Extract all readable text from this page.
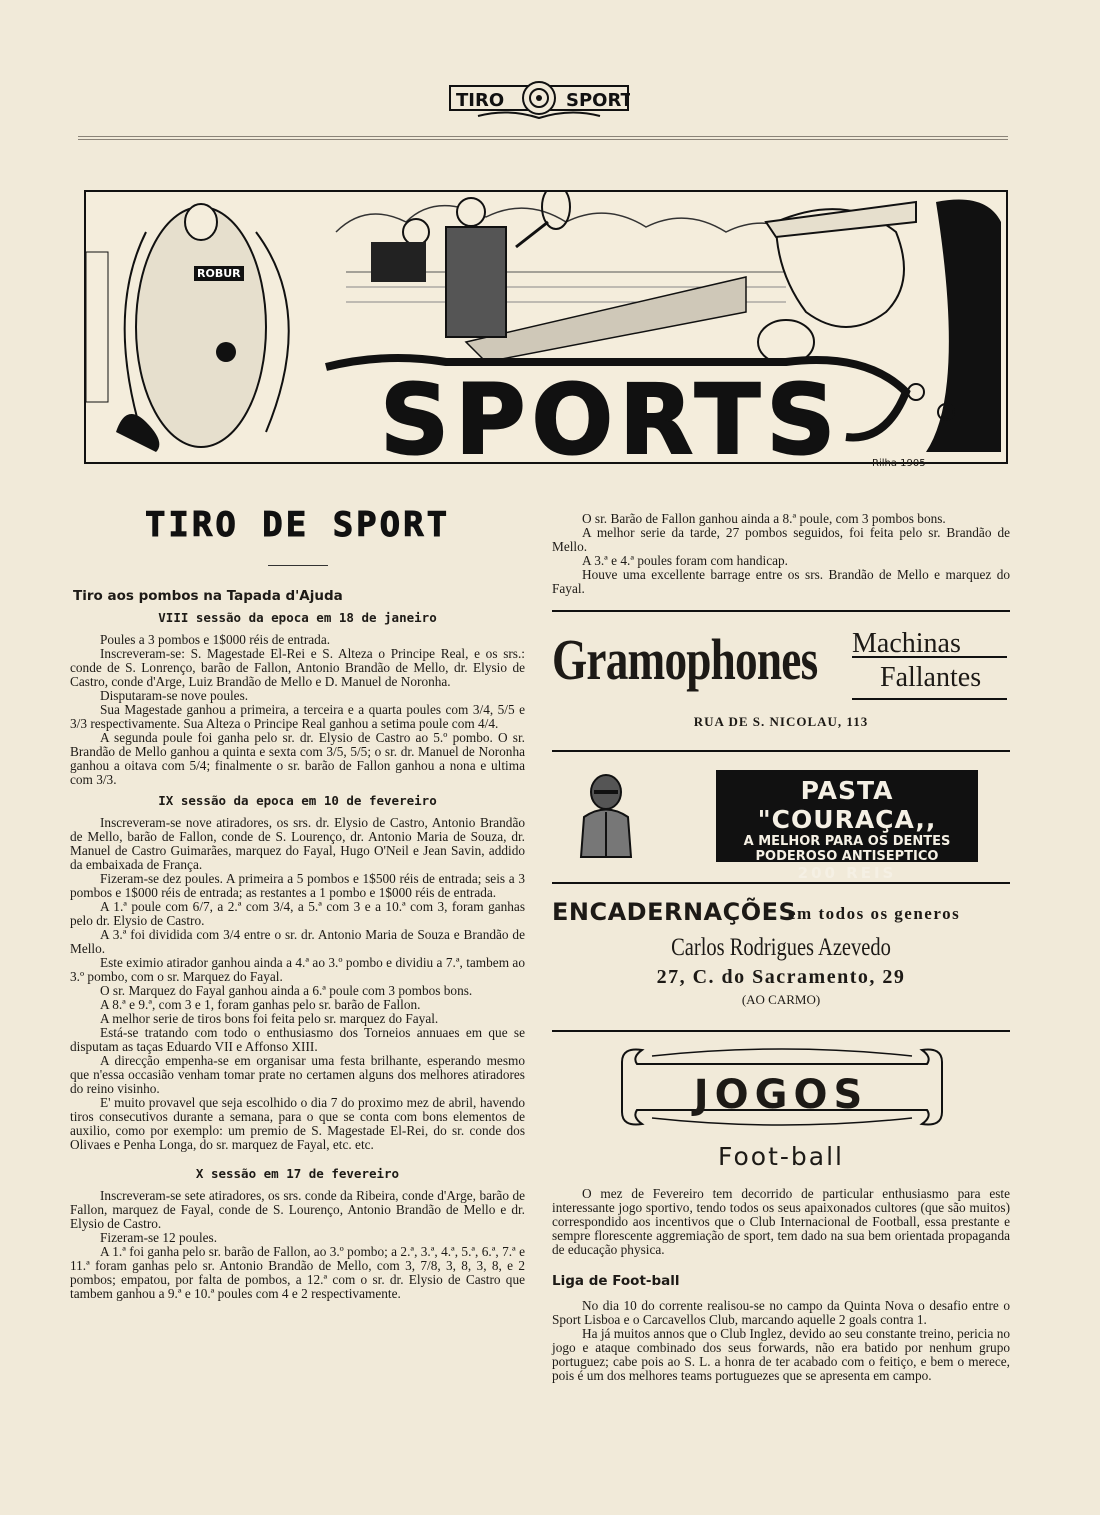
TIRO	SPORT
ROBUR
SPORTS	Rilha 1905
TIRO DE SPORT
Tiro aos pombos na Tapada d'Ajuda
VIII sessão da epoca em 18 de janeiro

Poules a 3 pombos e 1$000 réis de entrada.

Inscreveram-se: S. Magestade El-Rei e S. Alteza o Principe Real, e os srs.: conde de S. Lonrenço, barão de Fallon, Antonio Brandão de Mello, dr. Elysio de Castro, conde d'Arge, Luiz Brandão de Mello e D. Manuel de Noronha.

Disputaram-se nove poules.

Sua Magestade ganhou a primeira, a terceira e a quarta poules com 3/4, 5/5 e 3/3 respectivamente. Sua Alteza o Principe Real ganhou a setima poule com 4/4.

A segunda poule foi ganha pelo sr. dr. Elysio de Castro ao 5.º pombo. O sr. Brandão de Mello ganhou a quinta e sexta com 3/5, 5/5; o sr. dr. Manuel de Noronha ganhou a oitava com 5/4; finalmente o sr. barão de Fallon ganhou a nona e ultima com 3/3.

IX sessão da epoca em 10 de fevereiro

Inscreveram-se nove atiradores, os srs. dr. Elysio de Castro, Antonio Brandão de Mello, barão de Fallon, conde de S. Lourenço, dr. Antonio Maria de Souza, dr. Manuel de Castro Guimarães, marquez do Fayal, Hugo O'Neil e Jean Savin, addido da embaixada de França.

Fizeram-se dez poules. A primeira a 5 pombos e 1$500 réis de entrada; seis a 3 pombos e 1$000 réis de entrada; as restantes a 1 pombo e 1$000 réis de entrada.

A 1.ª poule com 6/7, a 2.ª com 3/4, a 5.ª com 3 e a 10.ª com 3, foram ganhas pelo dr. Elysio de Castro.

A 3.ª foi dividida com 3/4 entre o sr. dr. Antonio Maria de Souza e Brandão de Mello.

Este eximio atirador ganhou ainda a 4.ª ao 3.º pombo e dividiu a 7.ª, tambem ao 3.º pombo, com o sr. Marquez do Fayal.

O sr. Marquez do Fayal ganhou ainda a 6.ª poule com 3 pombos bons.

A 8.ª e 9.ª, com 3 e 1, foram ganhas pelo sr. barão de Fallon.

A melhor serie de tiros bons foi feita pelo sr. marquez do Fayal.

Está-se tratando com todo o enthusiasmo dos Torneios annuaes em que se disputam as taças Eduardo VII e Affonso XIII.

A direcção empenha-se em organisar uma festa brilhante, esperando mesmo que n'essa occasião venham tomar prate no certamen alguns dos melhores atiradores do reino visinho.

E' muito provavel que seja escolhido o dia 7 do proximo mez de abril, havendo tiros consecutivos durante a semana, para o que se conta com bons elementos de auxilio, como por exemplo: um premio de S. Magestade El-Rei, do sr. conde dos Olivaes e Penha Longa, do sr. marquez de Fayal, etc. etc.

X sessão em 17 de fevereiro

Inscreveram-se sete atiradores, os srs. conde da Ribeira, conde d'Arge, barão de Fallon, marquez de Fayal, conde de S. Lourenço, Antonio Brandão de Mello e dr. Elysio de Castro.

Fizeram-se 12 poules.

A 1.ª foi ganha pelo sr. barão de Fallon, ao 3.º pombo; a 2.ª, 3.ª, 4.ª, 5.ª, 6.ª, 7.ª e 11.ª foram ganhas pelo sr. Antonio Brandão de Mello, com 3, 7/8, 3, 8, 3, 8, e 2 pombos; empatou, por falta de pombos, a 12.ª com o sr. dr. Elysio de Castro que tambem ganhou a 9.ª e 10.ª poules com 4 e 2 respectivamente.

O sr. Barão de Fallon ganhou ainda a 8.ª poule, com 3 pombos bons.

A melhor serie da tarde, 27 pombos seguidos, foi feita pelo sr. Brandão de Mello.

A 3.ª e 4.ª poules foram com handicap.

Houve uma excellente barrage entre os srs. Brandão de Mello e marquez do Fayal.

Gramophones Machinas
Fallantes
RUA DE S. NICOLAU, 113
PASTA "COURAÇA,,
A MELHOR PARA OS DENTES
PODEROSO ANTISEPTICO
200 REIS
ENCADERNAÇÕES
em todos os generos
Carlos Rodrigues Azevedo
27, C. do Sacramento, 29
(AO CARMO)
JOGOS
Foot-ball

O mez de Fevereiro tem decorrido de particular enthusiasmo para este interessante jogo sportivo, tendo todos os seus apaixonados cultores (que são muitos) correspondido aos incentivos que o Club Internacional de Football, essa prestante e sempre florescente aggremiação de sport, tem dado na sua bem orientada propaganda de educação physica.

Liga de Foot-ball

No dia 10 do corrente realisou-se no campo da Quinta Nova o desafio entre o Sport Lisboa e o Carcavellos Club, marcando aquelle 2 goals contra 1.

Ha já muitos annos que o Club Inglez, devido ao seu constante treino, pericia no jogo e ataque combinado dos seus forwards, não era batido por nenhum grupo portuguez; cabe pois ao S. L. a honra de ter acabado com o feitiço, e bem o merece, pois é um dos melhores teams portuguezes que se apresenta em campo.
